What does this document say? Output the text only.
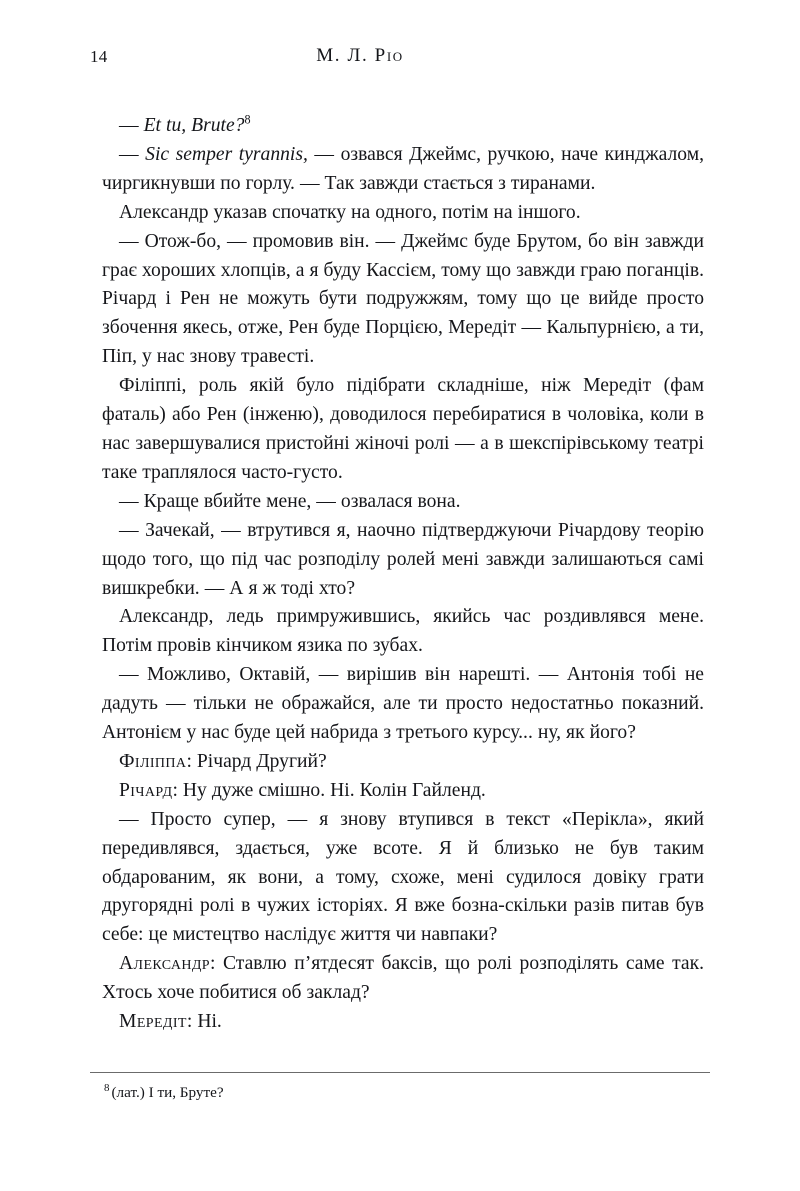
14	М. Л. Ріо

— Et tu, Brute?$^8$

— Sic semper tyrannis, — озвався Джеймс, ручкою, наче кинджалом, чиргикнувши по горлу. — Так завжди стається з тиранами.

Александр указав спочатку на одного, потім на іншого.

— Отож-бо, — промовив він. — Джеймс буде Брутом, бо він завжди грає хороших хлопців, а я буду Кассієм, тому що завжди граю поганців. Річард і Рен не можуть бути подружжям, тому що це вийде просто збочення якесь, отже, Рен буде Порцією, Мередіт — Кальпурнією, а ти, Піп, у нас знову травесті.

Філіппі, роль якій було підібрати складніше, ніж Мередіт (фам фаталь) або Рен (інженю), доводилося перебиратися в чоловіка, коли в нас завершувалися пристойні жіночі ролі — а в шекспірівському театрі таке траплялося часто-густо.

— Краще вбийте мене, — озвалася вона.

— Зачекай, — втрутився я, наочно підтверджуючи Річардову теорію щодо того, що під час розподілу ролей мені завжди залишаються самі вишкребки. — А я ж тоді хто?

Александр, ледь примружившись, якийсь час роздивлявся мене. Потім провів кінчиком язика по зубах.

— Можливо, Октавій, — вирішив він нарешті. — Антонія тобі не дадуть — тільки не ображайся, але ти просто недостатньо показний. Антонієм у нас буде цей набрида з третього курсу... ну, як його?

Філіппа: Річард Другий?

Річард: Ну дуже смішно. Ні. Колін Гайленд.

— Просто супер, — я знову втупився в текст «Перікла», який передивлявся, здається, уже всоте. Я й близько не був таким обдарованим, як вони, а тому, схоже, мені судилося довіку грати другорядні ролі в чужих історіях. Я вже бозна-скільки разів питав був себе: це мистецтво наслідує життя чи навпаки?

Александр: Ставлю п’ятдесят баксів, що ролі розподілять саме так. Хтось хоче побитися об заклад?

Мередіт: Ні.

$^8$ (лат.) І ти, Бруте?
